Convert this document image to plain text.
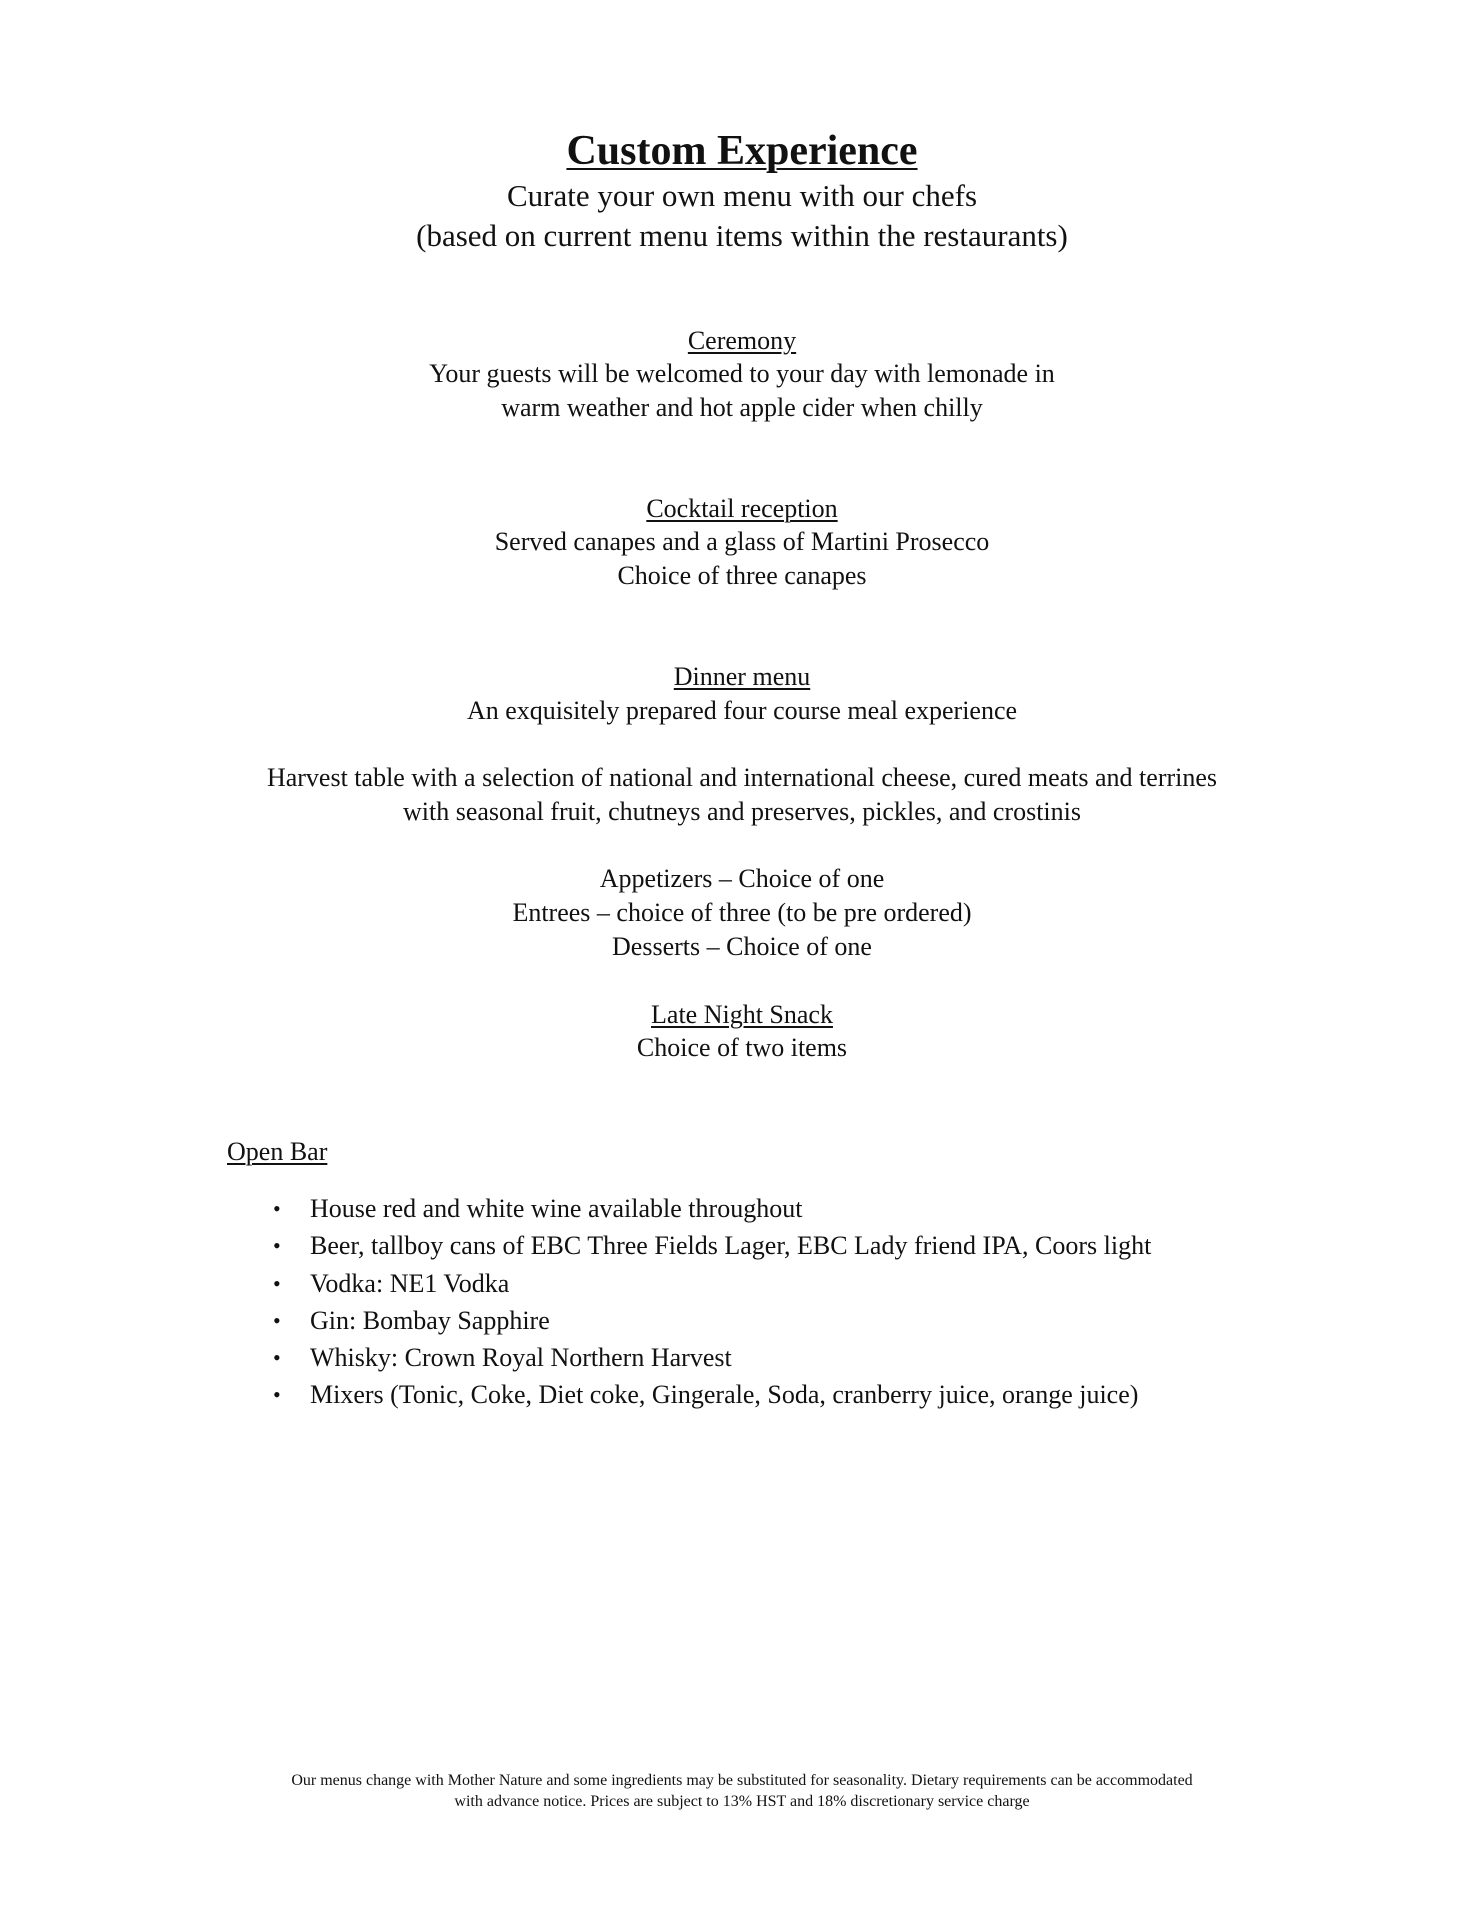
Custom Experience
Curate your own menu with our chefs
(based on current menu items within the restaurants)
Ceremony
Your guests will be welcomed to your day with lemonade in
warm weather and hot apple cider when chilly
Cocktail reception
Served canapes and a glass of Martini Prosecco
Choice of three canapes
Dinner menu
An exquisitely prepared four course meal experience
Harvest table with a selection of national and international cheese, cured meats and terrines
with seasonal fruit, chutneys and preserves, pickles, and crostinis
Appetizers – Choice of one
Entrees – choice of three (to be pre ordered)
Desserts – Choice of one
Late Night Snack
Choice of two items
Open Bar
• House red and white wine available throughout
• Beer, tallboy cans of EBC Three Fields Lager, EBC Lady friend IPA, Coors light
• Vodka: NE1 Vodka
• Gin: Bombay Sapphire
• Whisky: Crown Royal Northern Harvest
• Mixers (Tonic, Coke, Diet coke, Gingerale, Soda, cranberry juice, orange juice)
Our menus change with Mother Nature and some ingredients may be substituted for seasonality. Dietary requirements can be accommodated
with advance notice. Prices are subject to 13% HST and 18% discretionary service charge
